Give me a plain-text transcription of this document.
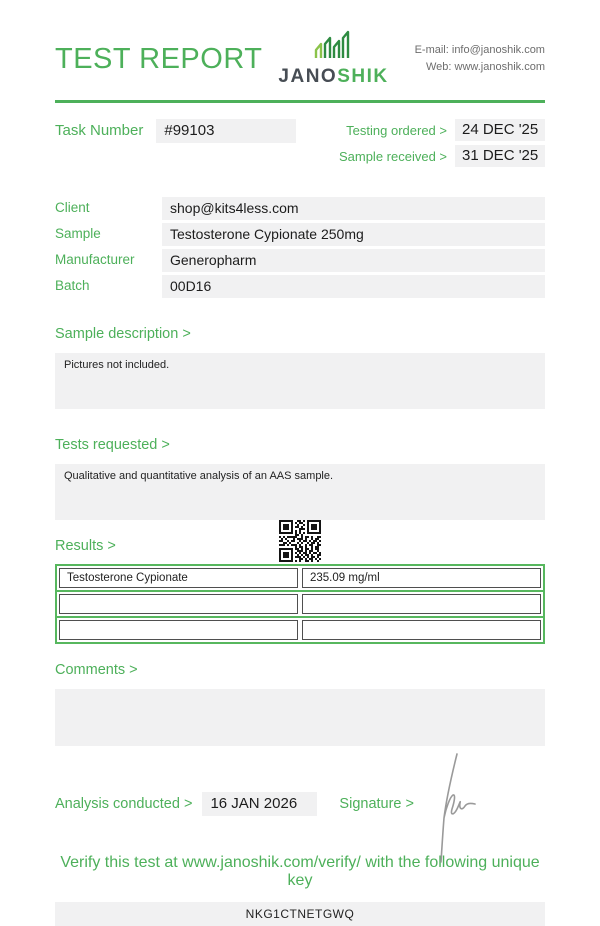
TEST REPORT
JANOSHIK
E-mail: info@janoshik.com
Web: www.janoshik.com
Task Number	#99103	Testing ordered >	24 DEC '25
Sample received >	31 DEC '25
Client	shop@kits4less.com
Sample	Testosterone Cypionate 250mg
Manufacturer	Generopharm
Batch	00D16
Sample description >
Pictures not included.
Tests requested >
Qualitative and quantitative analysis of an AAS sample.
Results >
Testosterone Cypionate	235.09 mg/ml
Comments >
Analysis conducted >	16 JAN 2026	Signature >
Verify this test at www.janoshik.com/verify/ with the following unique key
NKG1CTNETGWQ
